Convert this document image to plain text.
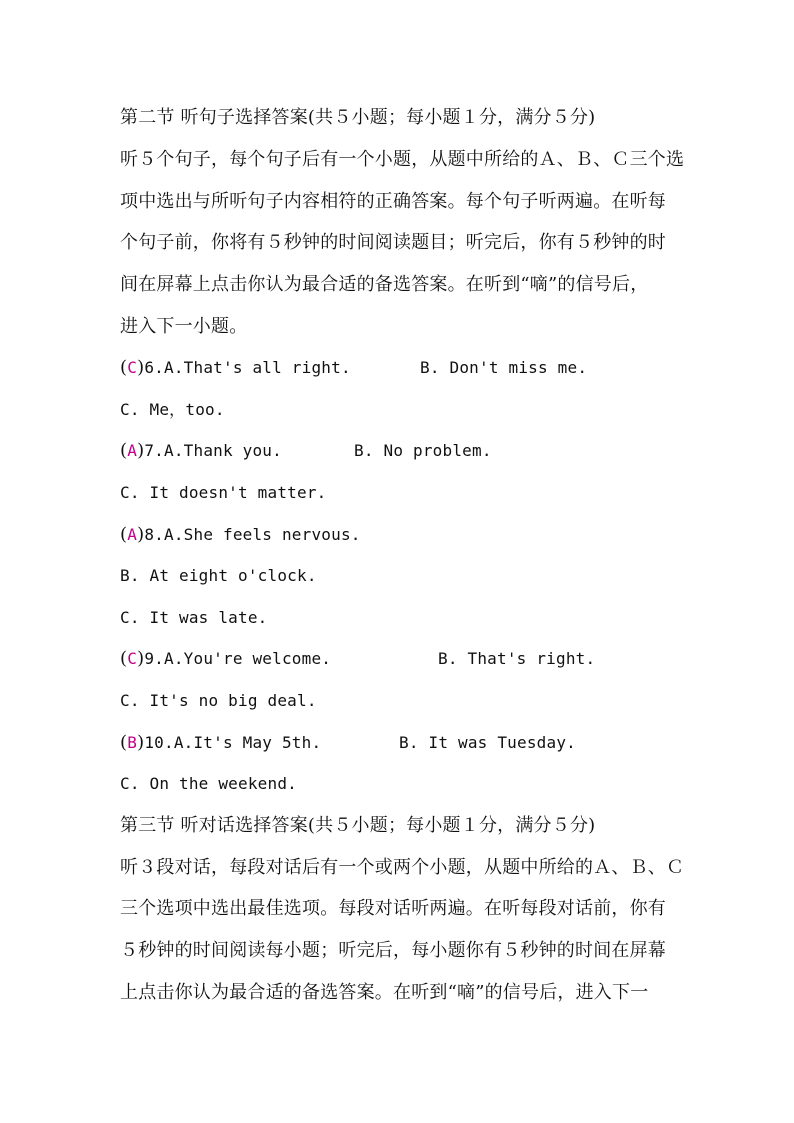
第二节 听句子选择答案(共５小题；每小题１分，满分５分)
听５个句子，每个句子后有一个小题，从题中所给的Ａ、Ｂ、Ｃ三个选
项中选出与所听句子内容相符的正确答案。每个句子听两遍。在听每
个句子前，你将有５秒钟的时间阅读题目；听完后，你有５秒钟的时
间在屏幕上点击你认为最合适的备选答案。在听到“嘀”的信号后，
进入下一小题。
(C)6.A.That's all right.	B. Don't miss me.
C. Me，too.
(A)7.A.Thank you.	B. No problem.
C. It doesn't matter.
(A)8.A.She feels nervous.
B. At eight o'clock.
C. It was late.
(C)9.A.You're welcome.	B. That's right.
C. It's no big deal.
(B)10.A.It's May 5th.	B. It was Tuesday.
C. On the weekend.
第三节 听对话选择答案(共５小题；每小题１分，满分５分)
听３段对话，每段对话后有一个或两个小题，从题中所给的Ａ、Ｂ、Ｃ
三个选项中选出最佳选项。每段对话听两遍。在听每段对话前，你有
５秒钟的时间阅读每小题；听完后，每小题你有５秒钟的时间在屏幕
上点击你认为最合适的备选答案。在听到“嘀”的信号后，进入下一
